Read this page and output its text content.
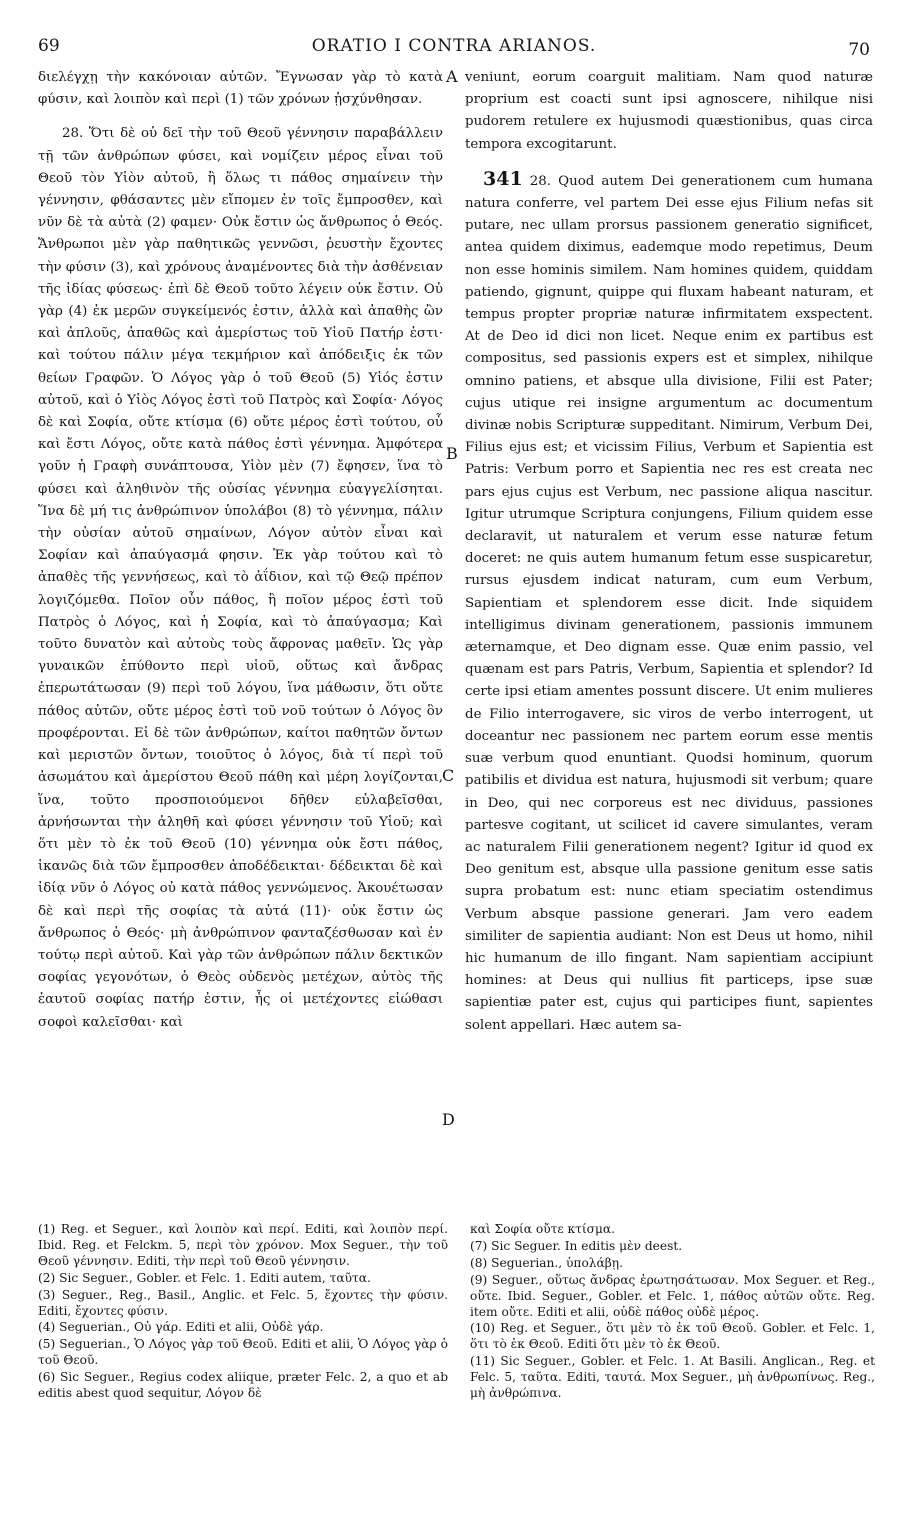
69	ORATIO I CONTRA ARIANOS.	70

διελέγχῃ τὴν κακόνοιαν αὐτῶν. Ἔγνωσαν γὰρ τὸ κατὰ φύσιν, καὶ λοιπὸν καὶ περὶ (1) τῶν χρόνων ᾐσχύνθησαν.

28. Ὅτι δὲ οὐ δεῖ τὴν τοῦ Θεοῦ γέννησιν παραβάλλειν τῇ τῶν ἀνθρώπων φύσει, καὶ νομίζειν μέρος εἶναι τοῦ Θεοῦ τὸν Υἱὸν αὐτοῦ, ἢ ὅλως τι πάθος σημαίνειν τὴν γέννησιν, φθάσαντες μὲν εἴπομεν ἐν τοῖς ἔμπροσθεν, καὶ νῦν δὲ τὰ αὐτὰ (2) φαμεν· Οὐκ ἔστιν ὡς ἄνθρωπος ὁ Θεός. Ἄνθρωποι μὲν γὰρ παθητικῶς γεννῶσι, ῥευστὴν ἔχοντες τὴν φύσιν (3), καὶ χρόνους ἀναμένοντες διὰ τὴν ἀσθένειαν τῆς ἰδίας φύσεως· ἐπὶ δὲ Θεοῦ τοῦτο λέγειν οὐκ ἔστιν. Οὐ γὰρ (4) ἐκ μερῶν συγκείμενός ἐστιν, ἀλλὰ καὶ ἀπαθὴς ὢν καὶ ἁπλοῦς, ἀπαθῶς καὶ ἀμερίστως τοῦ Υἱοῦ Πατήρ ἐστι· καὶ τούτου πάλιν μέγα τεκμήριον καὶ ἀπόδειξις ἐκ τῶν θείων Γραφῶν. Ὁ Λόγος γὰρ ὁ τοῦ Θεοῦ (5) Υἱός ἐστιν αὐτοῦ, καὶ ὁ Υἱὸς Λόγος ἐστὶ τοῦ Πατρὸς καὶ Σοφία· Λόγος δὲ καὶ Σοφία, οὔτε κτίσμα (6) οὔτε μέρος ἐστὶ τούτου, οὗ καὶ ἔστι Λόγος, οὔτε κατὰ πάθος ἐστὶ γέννημα. Ἀμφότερα γοῦν ἡ Γραφὴ συνάπτουσα, Υἱὸν μὲν (7) ἔφησεν, ἵνα τὸ φύσει καὶ ἀληθινὸν τῆς οὐσίας γέννημα εὐαγγελίσηται. Ἵνα δὲ μή τις ἀνθρώπινον ὑπολάβοι (8) τὸ γέννημα, πάλιν τὴν οὐσίαν αὐτοῦ σημαίνων, Λόγον αὐτὸν εἶναι καὶ Σοφίαν καὶ ἀπαύγασμά φησιν. Ἐκ γὰρ τούτου καὶ τὸ ἀπαθὲς τῆς γεννήσεως, καὶ τὸ ἀΐδιον, καὶ τῷ Θεῷ πρέπον λογιζόμεθα. Ποῖον οὖν πάθος, ἢ ποῖον μέρος ἐστὶ τοῦ Πατρὸς ὁ Λόγος, καὶ ἡ Σοφία, καὶ τὸ ἀπαύγασμα; Καὶ τοῦτο δυνατὸν καὶ αὐτοὺς τοὺς ἄφρονας μαθεῖν. Ὡς γὰρ γυναικῶν ἐπύθοντο περὶ υἱοῦ, οὕτως καὶ ἄνδρας ἐπερωτάτωσαν (9) περὶ τοῦ λόγου, ἵνα μάθωσιν, ὅτι οὔτε πάθος αὐτῶν, οὔτε μέρος ἐστὶ τοῦ νοῦ τούτων ὁ Λόγος ὃν προφέρονται. Εἰ δὲ τῶν ἀνθρώπων, καίτοι παθητῶν ὄντων καὶ μεριστῶν ὄντων, τοιοῦτος ὁ λόγος, διὰ τί περὶ τοῦ ἀσωμάτου καὶ ἀμερίστου Θεοῦ πάθη καὶ μέρη λογίζονται, ἵνα, τοῦτο προσποιούμενοι δῆθεν εὐλαβεῖσθαι, ἀρνήσωνται τὴν ἀληθῆ καὶ φύσει γέννησιν τοῦ Υἱοῦ; καὶ ὅτι μὲν τὸ ἐκ τοῦ Θεοῦ (10) γέννημα οὐκ ἔστι πάθος, ἱκανῶς διὰ τῶν ἔμπροσθεν ἀποδέδεικται· δέδεικται δὲ καὶ ἰδίᾳ νῦν ὁ Λόγος οὐ κατὰ πάθος γεννώμενος. Ἀκουέτωσαν δὲ καὶ περὶ τῆς σοφίας τὰ αὐτά (11)· οὐκ ἔστιν ὡς ἄνθρωπος ὁ Θεός· μὴ ἀνθρώπινον φανταζέσθωσαν καὶ ἐν τούτῳ περὶ αὐτοῦ. Καὶ γὰρ τῶν ἀνθρώπων πάλιν δεκτικῶν σοφίας γεγονότων, ὁ Θεὸς οὐδενὸς μετέχων, αὐτὸς τῆς ἑαυτοῦ σοφίας πατήρ ἐστιν, ἧς οἱ μετέχοντες εἰώθασι σοφοὶ καλεῖσθαι· καὶ

A
B
C
D

veniunt, eorum coarguit malitiam. Nam quod naturæ proprium est coacti sunt ipsi agnoscere, nihilque nisi pudorem retulere ex hujusmodi quæstionibus, quas circa tempora excogitarunt.

341 28. Quod autem Dei generationem cum humana natura conferre, vel partem Dei esse ejus Filium nefas sit putare, nec ullam prorsus passionem generatio significet, antea quidem diximus, eademque modo repetimus, Deum non esse hominis similem. Nam homines quidem, quiddam patiendo, gignunt, quippe qui fluxam habeant naturam, et tempus propter propriæ naturæ infirmitatem exspectent. At de Deo id dici non licet. Neque enim ex partibus est compositus, sed passionis expers est et simplex, nihilque omnino patiens, et absque ulla divisione, Filii est Pater; cujus utique rei insigne argumentum ac documentum divinæ nobis Scripturæ suppeditant. Nimirum, Verbum Dei, Filius ejus est; et vicissim Filius, Verbum et Sapientia est Patris: Verbum porro et Sapientia nec res est creata nec pars ejus cujus est Verbum, nec passione aliqua nascitur. Igitur utrumque Scriptura conjungens, Filium quidem esse declaravit, ut naturalem et verum esse naturæ fetum doceret: ne quis autem humanum fetum esse suspicaretur, rursus ejusdem indicat naturam, cum eum Verbum, Sapientiam et splendorem esse dicit. Inde siquidem intelligimus divinam generationem, passionis immunem æternamque, et Deo dignam esse. Quæ enim passio, vel quænam est pars Patris, Verbum, Sapientia et splendor? Id certe ipsi etiam amentes possunt discere. Ut enim mulieres de Filio interrogavere, sic viros de verbo interrogent, ut doceantur nec passionem nec partem eorum esse mentis suæ verbum quod enuntiant. Quodsi hominum, quorum patibilis et dividua est natura, hujusmodi sit verbum; quare in Deo, qui nec corporeus est nec dividuus, passiones partesve cogitant, ut scilicet id cavere simulantes, veram ac naturalem Filii generationem negent? Igitur id quod ex Deo genitum est, absque ulla passione genitum esse satis supra probatum est: nunc etiam speciatim ostendimus Verbum absque passione generari. Jam vero eadem similiter de sapientia audiant: Non est Deus ut homo, nihil hic humanum de illo fingant. Nam sapientiam accipiunt homines: at Deus qui nullius fit particeps, ipse suæ sapientiæ pater est, cujus qui participes fiunt, sapientes solent appellari. Hæc autem sa-

(1) Reg. et Seguer., καὶ λοιπὸν καὶ περί. Editi, καὶ λοιπὸν περί. Ibid. Reg. et Felckm. 5, περὶ τὸν χρόνον. Mox Seguer., τὴν τοῦ Θεοῦ γέννησιν. Editi, τὴν περὶ τοῦ Θεοῦ γέννησιν.

(2) Sic Seguer., Gobler. et Felc. 1. Editi autem, ταῦτα.

(3) Seguer., Reg., Basil., Anglic. et Felc. 5, ἔχοντες τὴν φύσιν. Editi, ἔχοντες φύσιν.

(4) Seguerian., Οὐ γάρ. Editi et alii, Οὐδὲ γάρ.

(5) Seguerian., Ὁ Λόγος γὰρ τοῦ Θεοῦ. Editi et alii, Ὁ Λόγος γὰρ ὁ τοῦ Θεοῦ.

(6) Sic Seguer., Regius codex aliique, præter Felc. 2, a quo et ab editis abest quod sequitur, Λόγον δὲ

καὶ Σοφία οὔτε κτίσμα.

(7) Sic Seguer. In editis μὲν deest.

(8) Seguerian., ὑπολάβῃ.

(9) Seguer., οὕτως ἄνδρας ἐρωτησάτωσαν. Mox Seguer. et Reg., οὔτε. Ibid. Seguer., Gobler. et Felc. 1, πάθος αὐτῶν οὔτε. Reg. item οὔτε. Editi et alii, οὐδὲ πάθος οὐδὲ μέρος.

(10) Reg. et Seguer., ὅτι μὲν τὸ ἐκ τοῦ Θεοῦ. Gobler. et Felc. 1, ὅτι τὸ ἐκ Θεοῦ. Editi ὅτι μὲν τὸ ἐκ Θεοῦ.

(11) Sic Seguer., Gobler. et Felc. 1. At Basili. Anglican., Reg. et Felc. 5, ταῦτα. Editi, ταυτά. Mox Seguer., μὴ ἀνθρωπίνως. Reg., μὴ ἀνθρώπινα.
